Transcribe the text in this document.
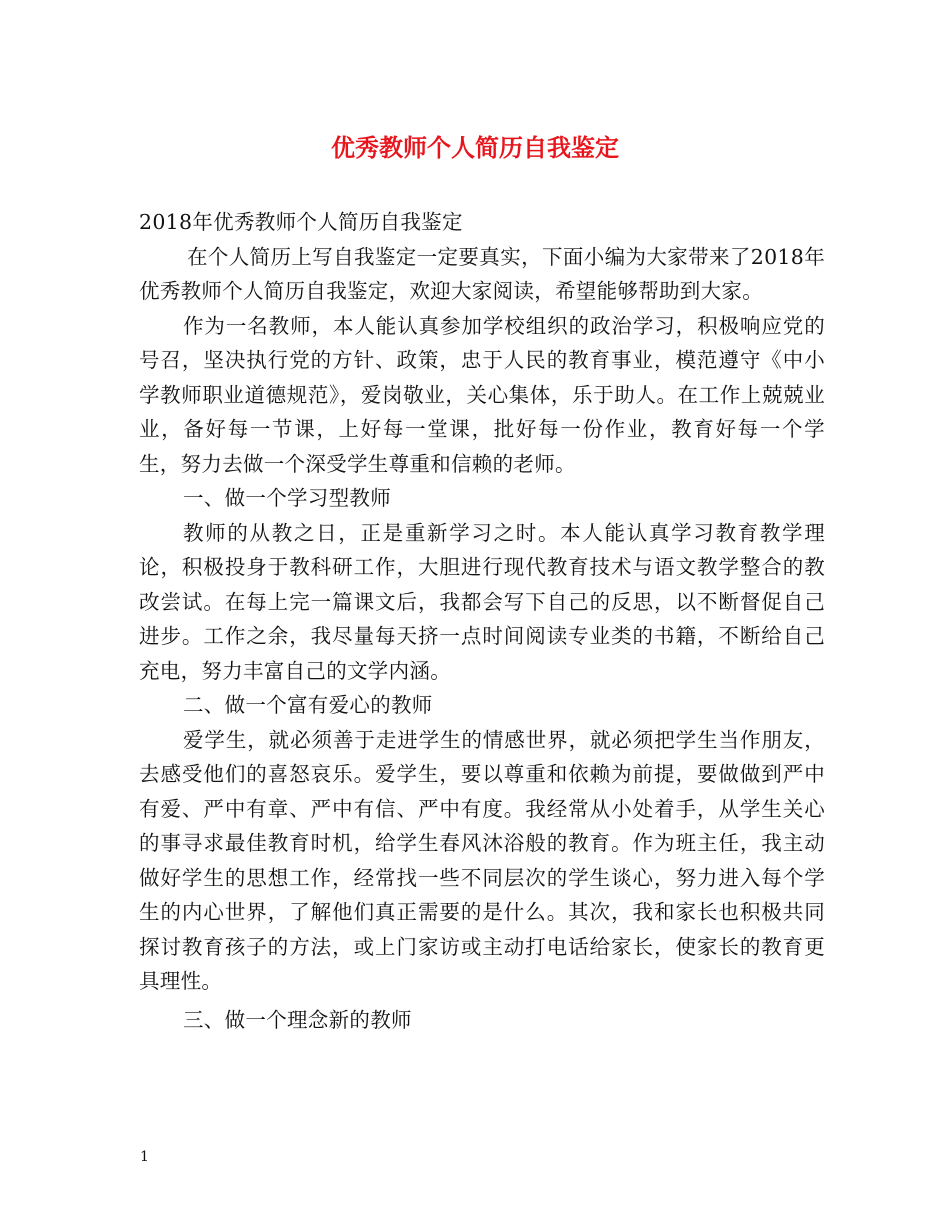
优秀教师个人简历自我鉴定

2018年优秀教师个人简历自我鉴定

在个人简历上写自我鉴定一定要真实，下面小编为大家带来了2018年优秀教师个人简历自我鉴定，欢迎大家阅读，希望能够帮助到大家。

作为一名教师，本人能认真参加学校组织的政治学习，积极响应党的号召，坚决执行党的方针、政策，忠于人民的教育事业，模范遵守《中小学教师职业道德规范》，爱岗敬业，关心集体，乐于助人。在工作上兢兢业业，备好每一节课，上好每一堂课，批好每一份作业，教育好每一个学生，努力去做一个深受学生尊重和信赖的老师。

一、做一个学习型教师

教师的从教之日，正是重新学习之时。本人能认真学习教育教学理论，积极投身于教科研工作，大胆进行现代教育技术与语文教学整合的教改尝试。在每上完一篇课文后，我都会写下自己的反思，以不断督促自己进步。工作之余，我尽量每天挤一点时间阅读专业类的书籍，不断给自己充电，努力丰富自己的文学内涵。

二、做一个富有爱心的教师

爱学生，就必须善于走进学生的情感世界，就必须把学生当作朋友，去感受他们的喜怒哀乐。爱学生，要以尊重和依赖为前提，要做做到严中有爱、严中有章、严中有信、严中有度。我经常从小处着手，从学生关心的事寻求最佳教育时机，给学生春风沐浴般的教育。作为班主任，我主动做好学生的思想工作，经常找一些不同层次的学生谈心，努力进入每个学生的内心世界，了解他们真正需要的是什么。其次，我和家长也积极共同探讨教育孩子的方法，或上门家访或主动打电话给家长，使家长的教育更具理性。

三、做一个理念新的教师

1
